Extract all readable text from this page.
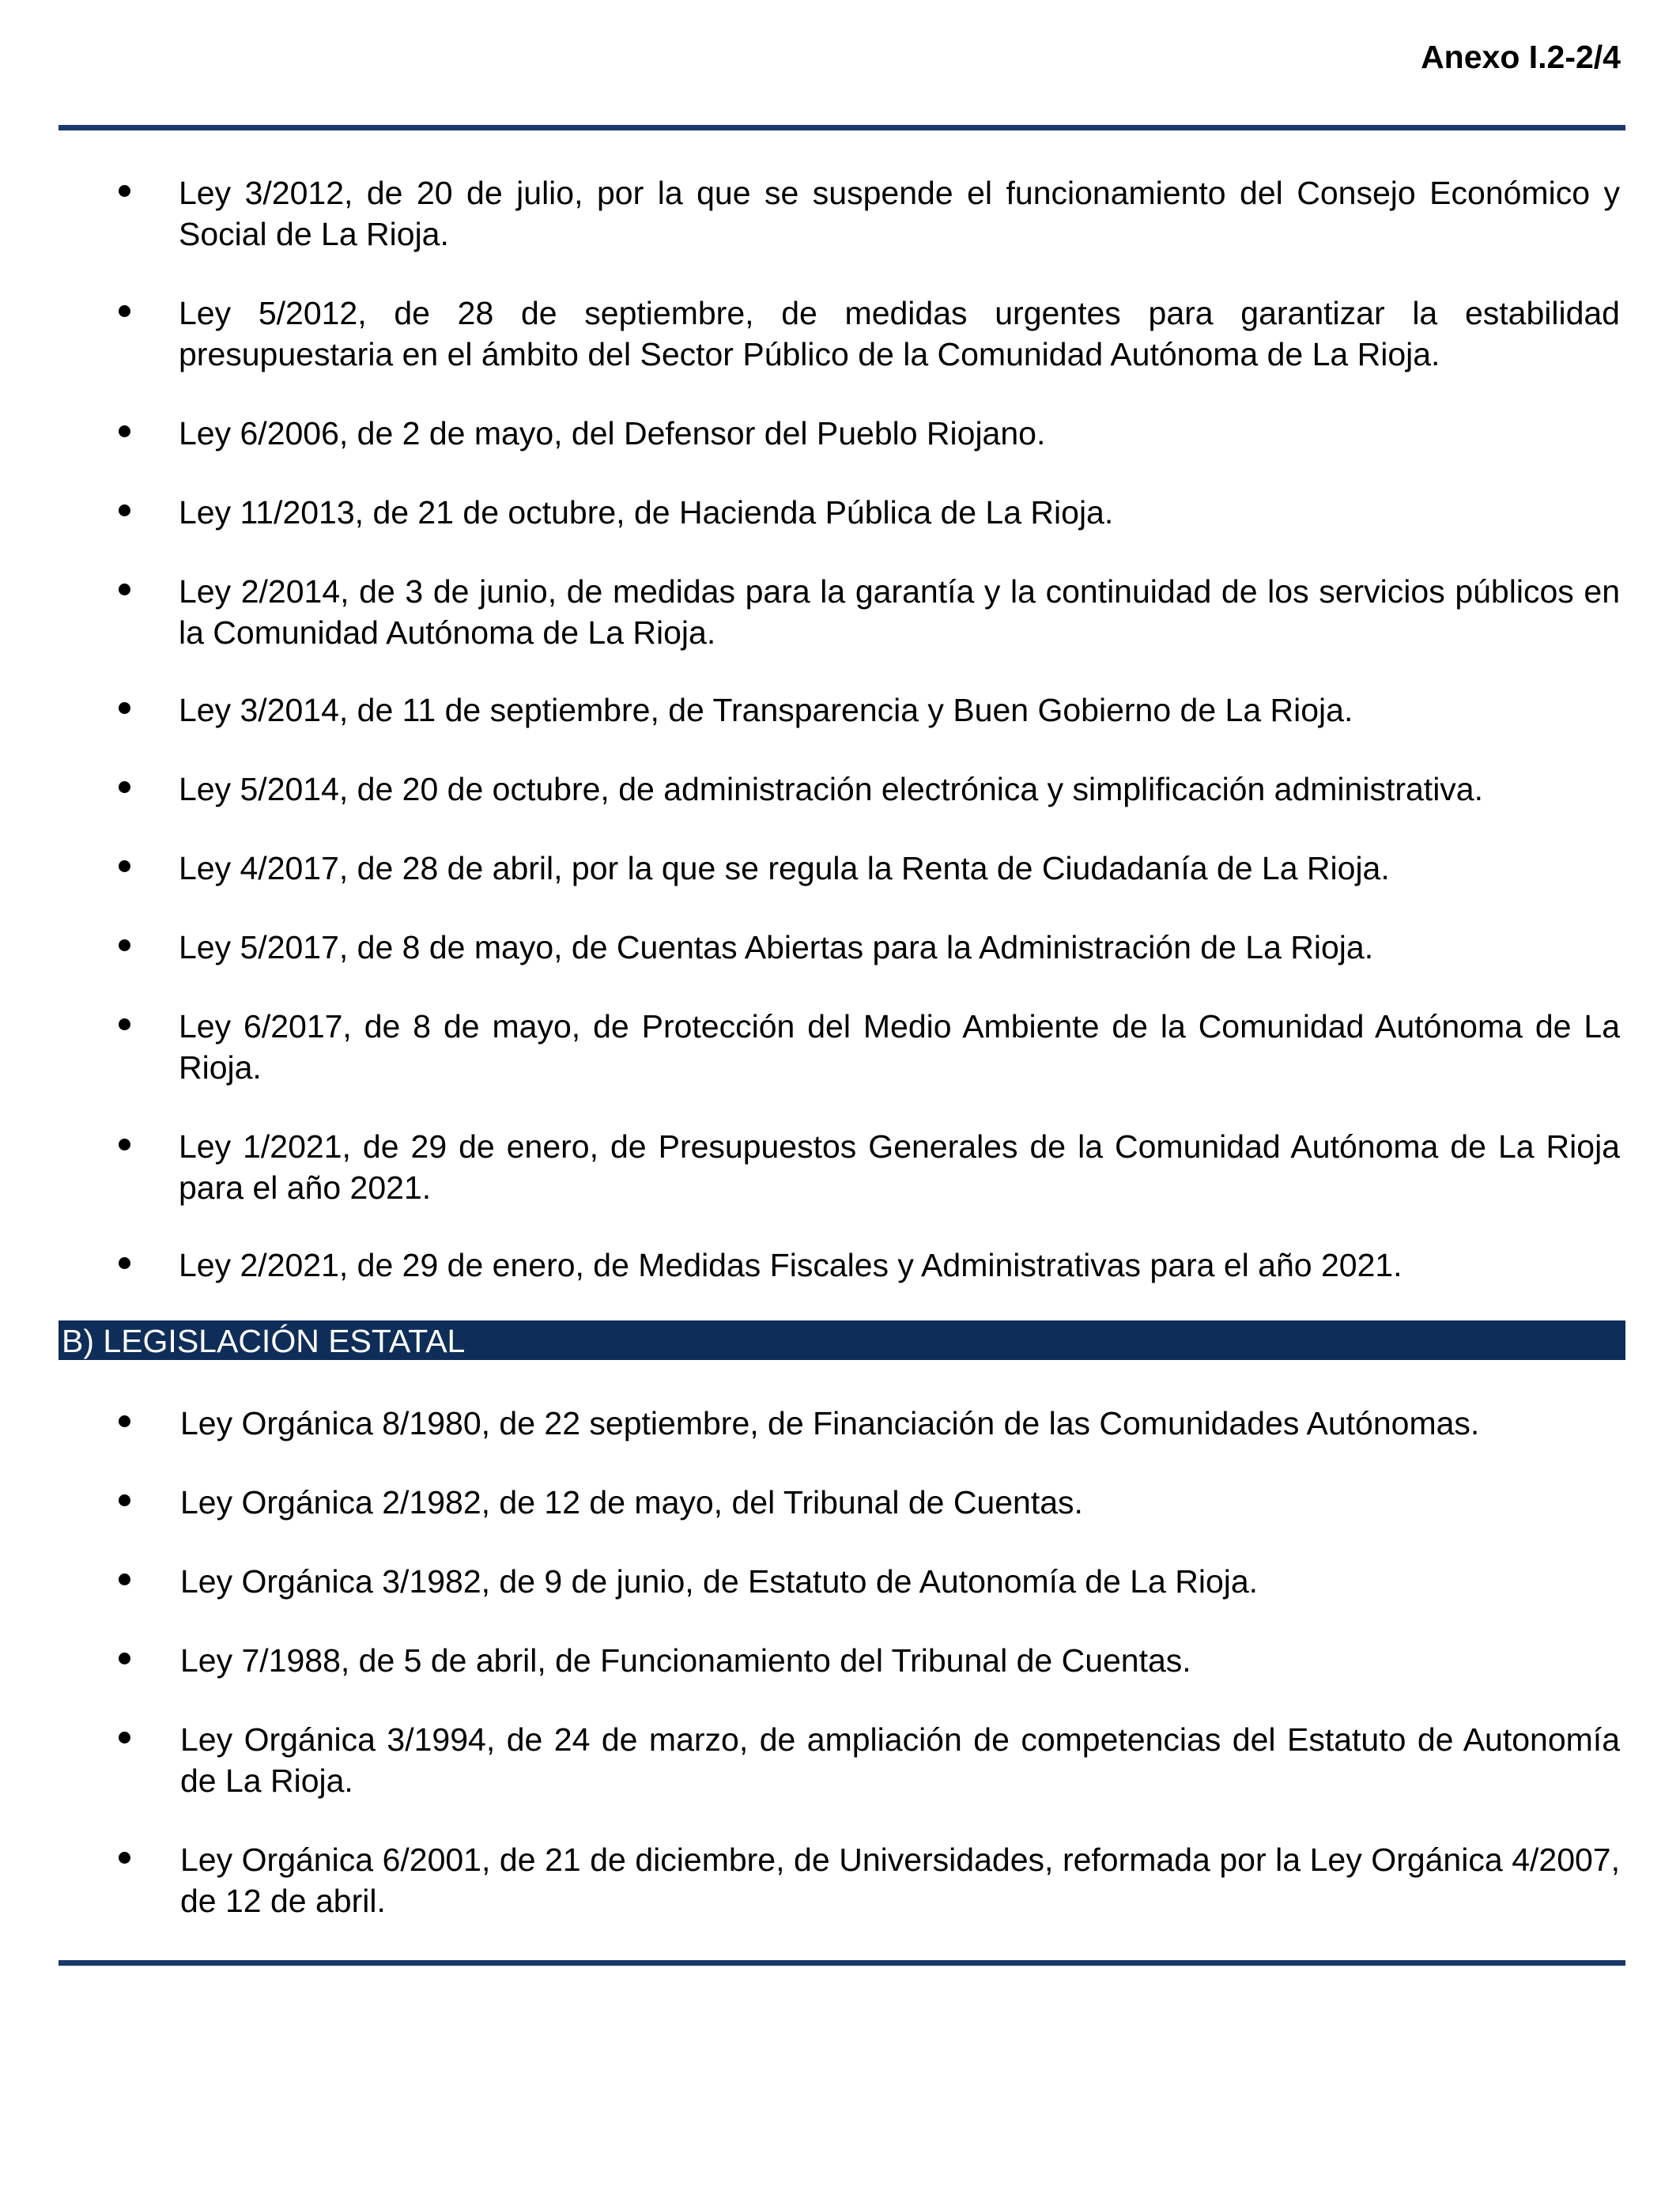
Anexo I.2-2/4

Ley 3/2012, de 20 de julio, por la que se suspende el funcionamiento del Consejo Económico y Social de La Rioja.

Ley 5/2012, de 28 de septiembre, de medidas urgentes para garantizar la estabilidad presupuestaria en el ámbito del Sector Público de la Comunidad Autónoma de La Rioja.

Ley 6/2006, de 2 de mayo, del Defensor del Pueblo Riojano.

Ley 11/2013, de 21 de octubre, de Hacienda Pública de La Rioja.

Ley 2/2014, de 3 de junio, de medidas para la garantía y la continuidad de los servicios públicos en la Comunidad Autónoma de La Rioja.

Ley 3/2014, de 11 de septiembre, de Transparencia y Buen Gobierno de La Rioja.

Ley 5/2014, de 20 de octubre, de administración electrónica y simplificación administrativa.

Ley 4/2017, de 28 de abril, por la que se regula la Renta de Ciudadanía de La Rioja.

Ley 5/2017, de 8 de mayo, de Cuentas Abiertas para la Administración de La Rioja.

Ley 6/2017, de 8 de mayo, de Protección del Medio Ambiente de la Comunidad Autónoma de La Rioja.

Ley 1/2021, de 29 de enero, de Presupuestos Generales de la Comunidad Autónoma de La Rioja para el año 2021.

Ley 2/2021, de 29 de enero, de Medidas Fiscales y Administrativas para el año 2021.

B) LEGISLACIÓN ESTATAL

Ley Orgánica 8/1980, de 22 septiembre, de Financiación de las Comunidades Autónomas.

Ley Orgánica 2/1982, de 12 de mayo, del Tribunal de Cuentas.

Ley Orgánica 3/1982, de 9 de junio, de Estatuto de Autonomía de La Rioja.

Ley 7/1988, de 5 de abril, de Funcionamiento del Tribunal de Cuentas.

Ley Orgánica 3/1994, de 24 de marzo, de ampliación de competencias del Estatuto de Autonomía de La Rioja.

Ley Orgánica 6/2001, de 21 de diciembre, de Universidades, reformada por la Ley Orgánica 4/2007, de 12 de abril.
